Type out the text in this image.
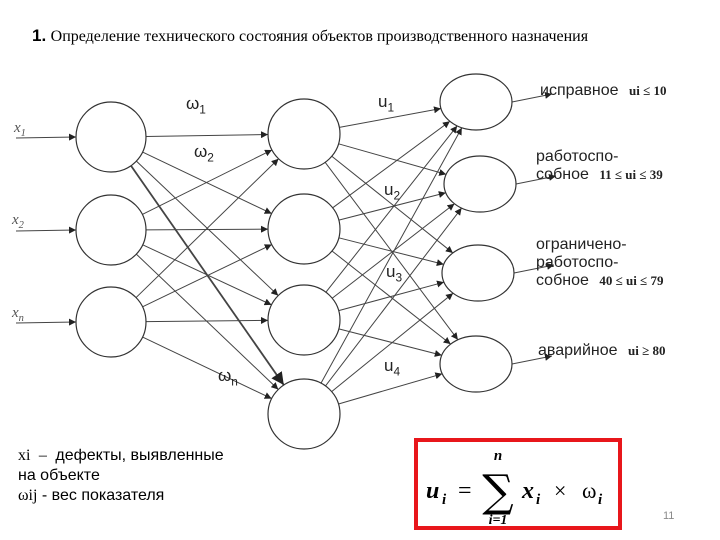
1. Определение технического состояния объектов производственного назначения
$x_1$
$x_2$
$x_n$
$\omega_1$
$\omega_2$
$\omega_n$
$u_1$
$u_2$
$u_3$
$u_4$
исправное ui ≤ 10
работоспо-
собное 11 ≤ ui ≤ 39
ограничено-
работоспо-
собное 40 ≤ ui ≤ 79
аварийное ui ≥ 80
xi – дефекты, выявленные
на объекте
ωij - вес показателя	u i =
n
∑
i=1
x i × ω i
11
